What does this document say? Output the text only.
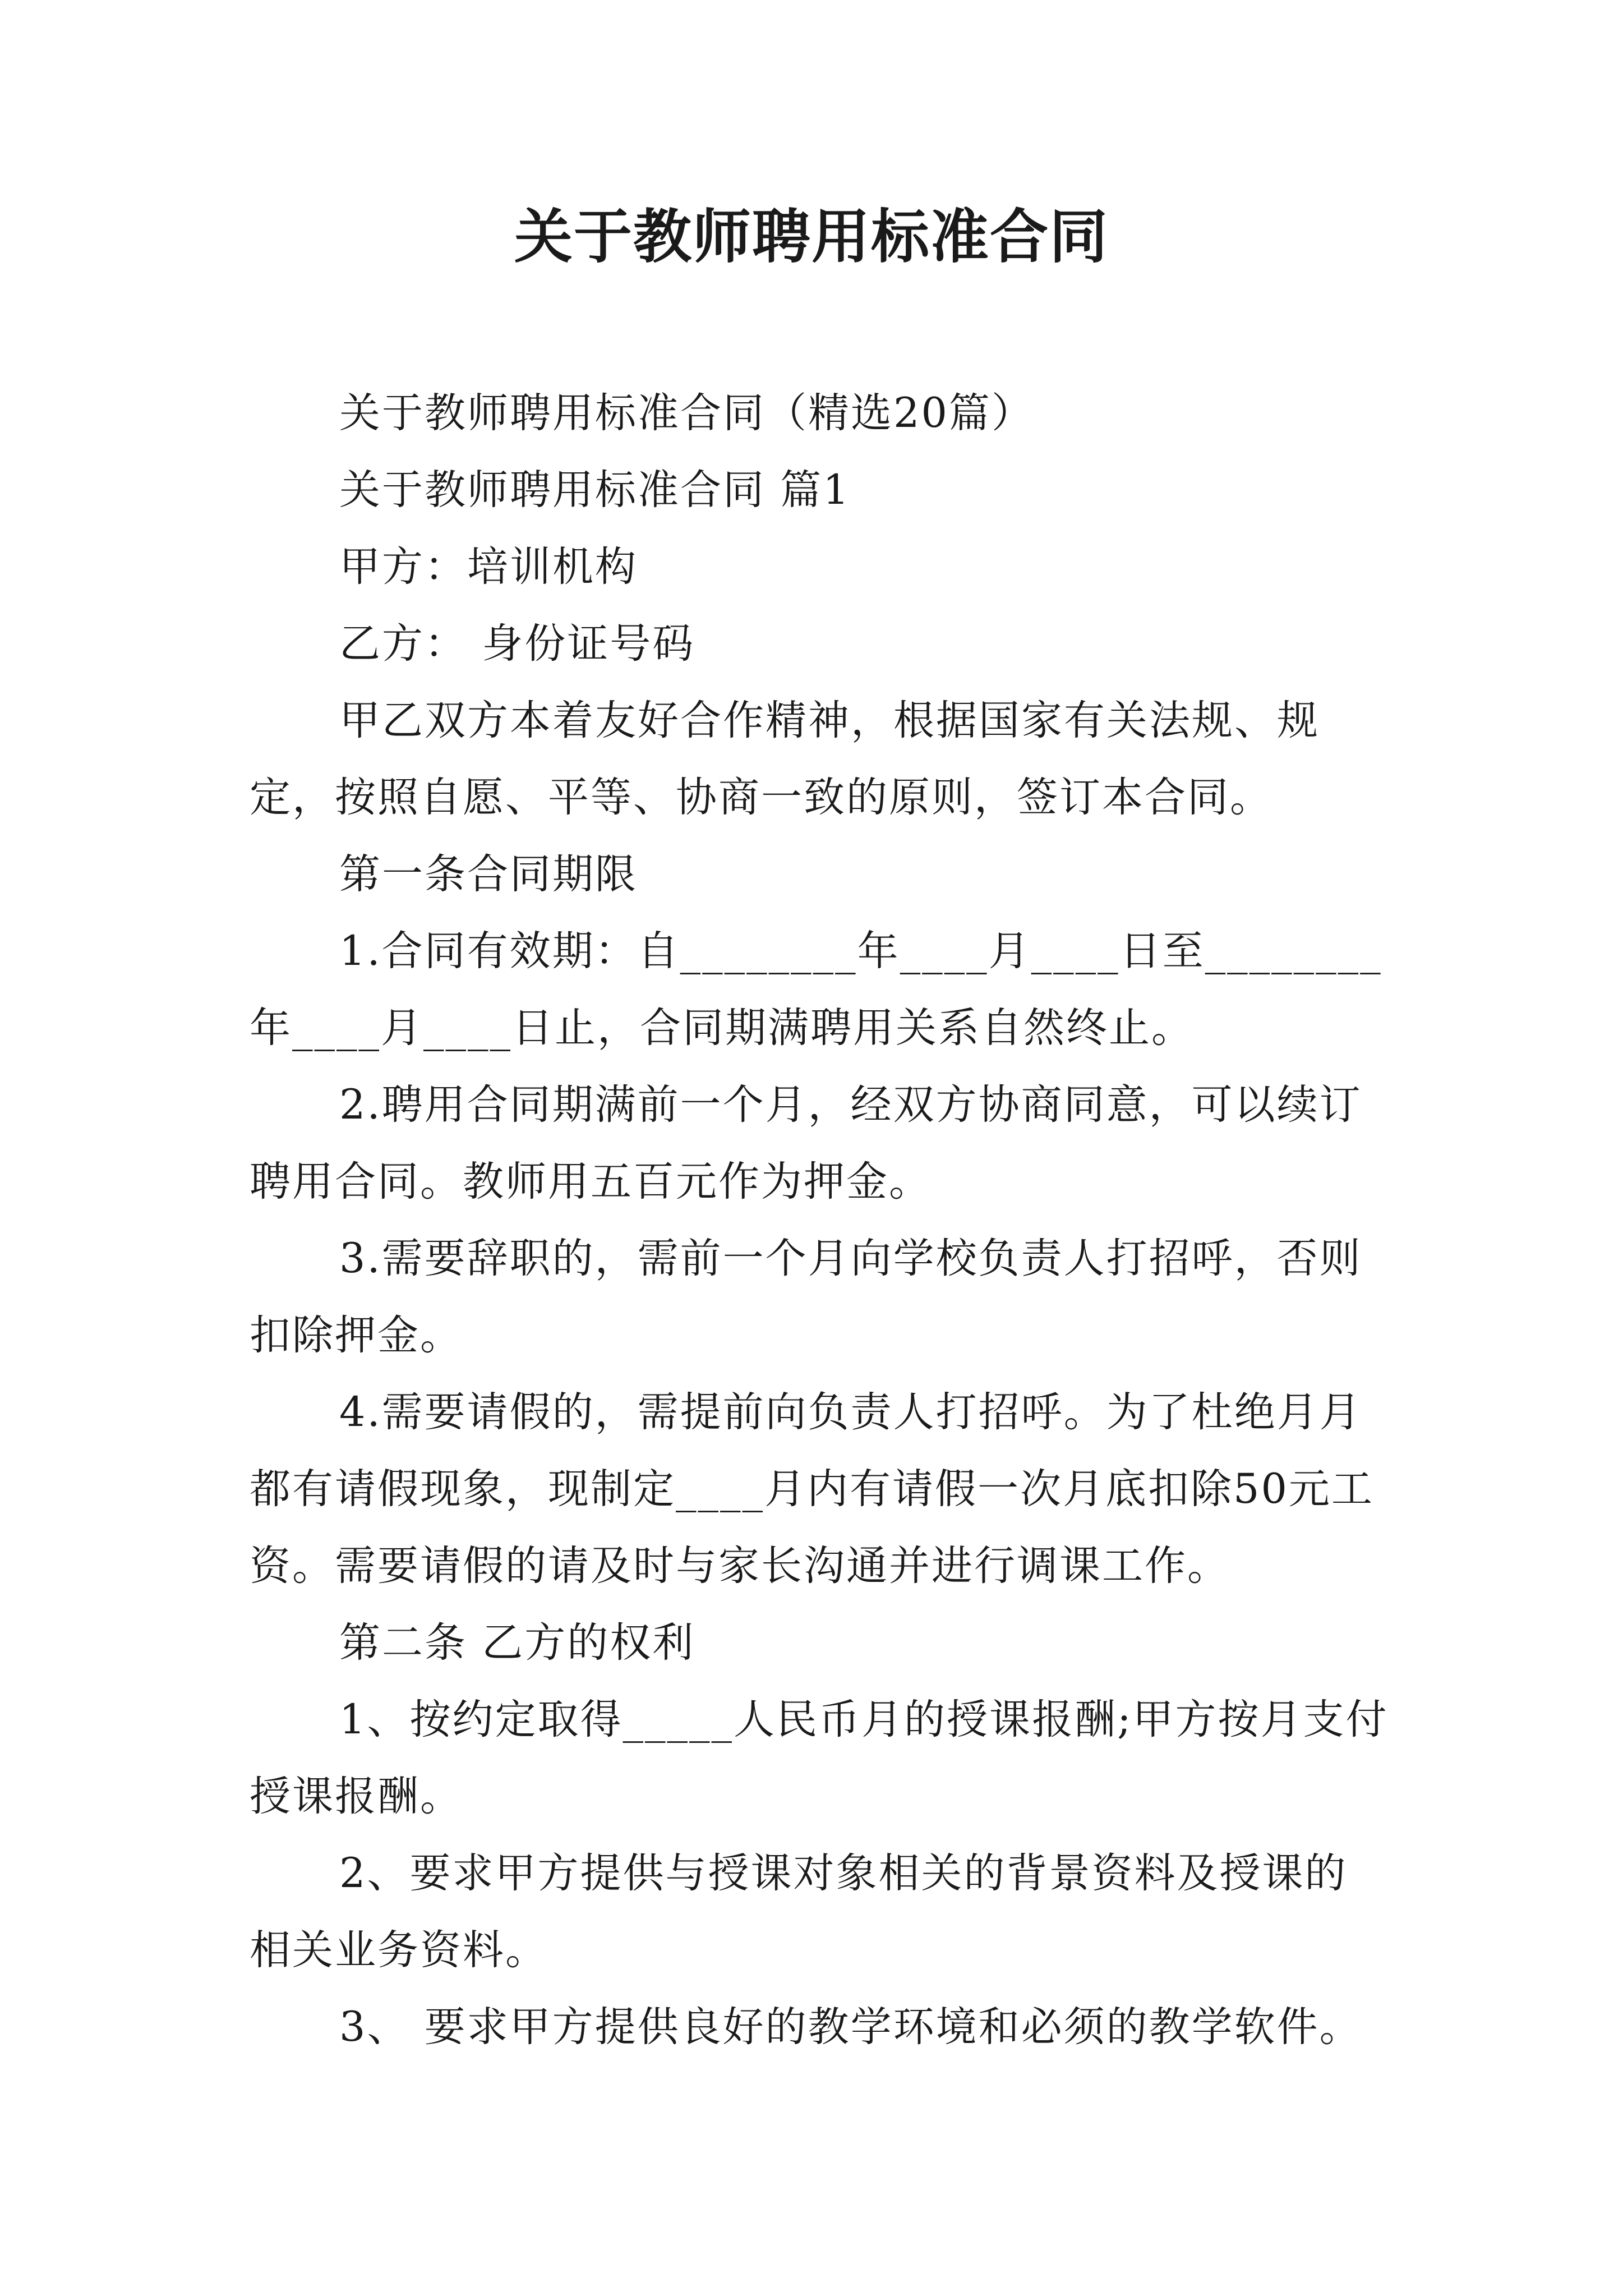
关于教师聘用标准合同

关于教师聘用标准合同（精选20篇）

关于教师聘用标准合同 篇1

甲方：培训机构

乙方： 身份证号码

甲乙双方本着友好合作精神，根据国家有关法规、规定，按照自愿、平等、协商一致的原则，签订本合同。

第一条合同期限

1.合同有效期：自________年____月____日至________年____月____日止，合同期满聘用关系自然终止。

2.聘用合同期满前一个月，经双方协商同意，可以续订聘用合同。教师用五百元作为押金。

3.需要辞职的，需前一个月向学校负责人打招呼，否则扣除押金。

4.需要请假的，需提前向负责人打招呼。为了杜绝月月都有请假现象，现制定____月内有请假一次月底扣除50元工资。需要请假的请及时与家长沟通并进行调课工作。

第二条 乙方的权利

1、按约定取得_____人民币月的授课报酬;甲方按月支付授课报酬。

2、要求甲方提供与授课对象相关的背景资料及授课的相关业务资料。

3、 要求甲方提供良好的教学环境和必须的教学软件。
